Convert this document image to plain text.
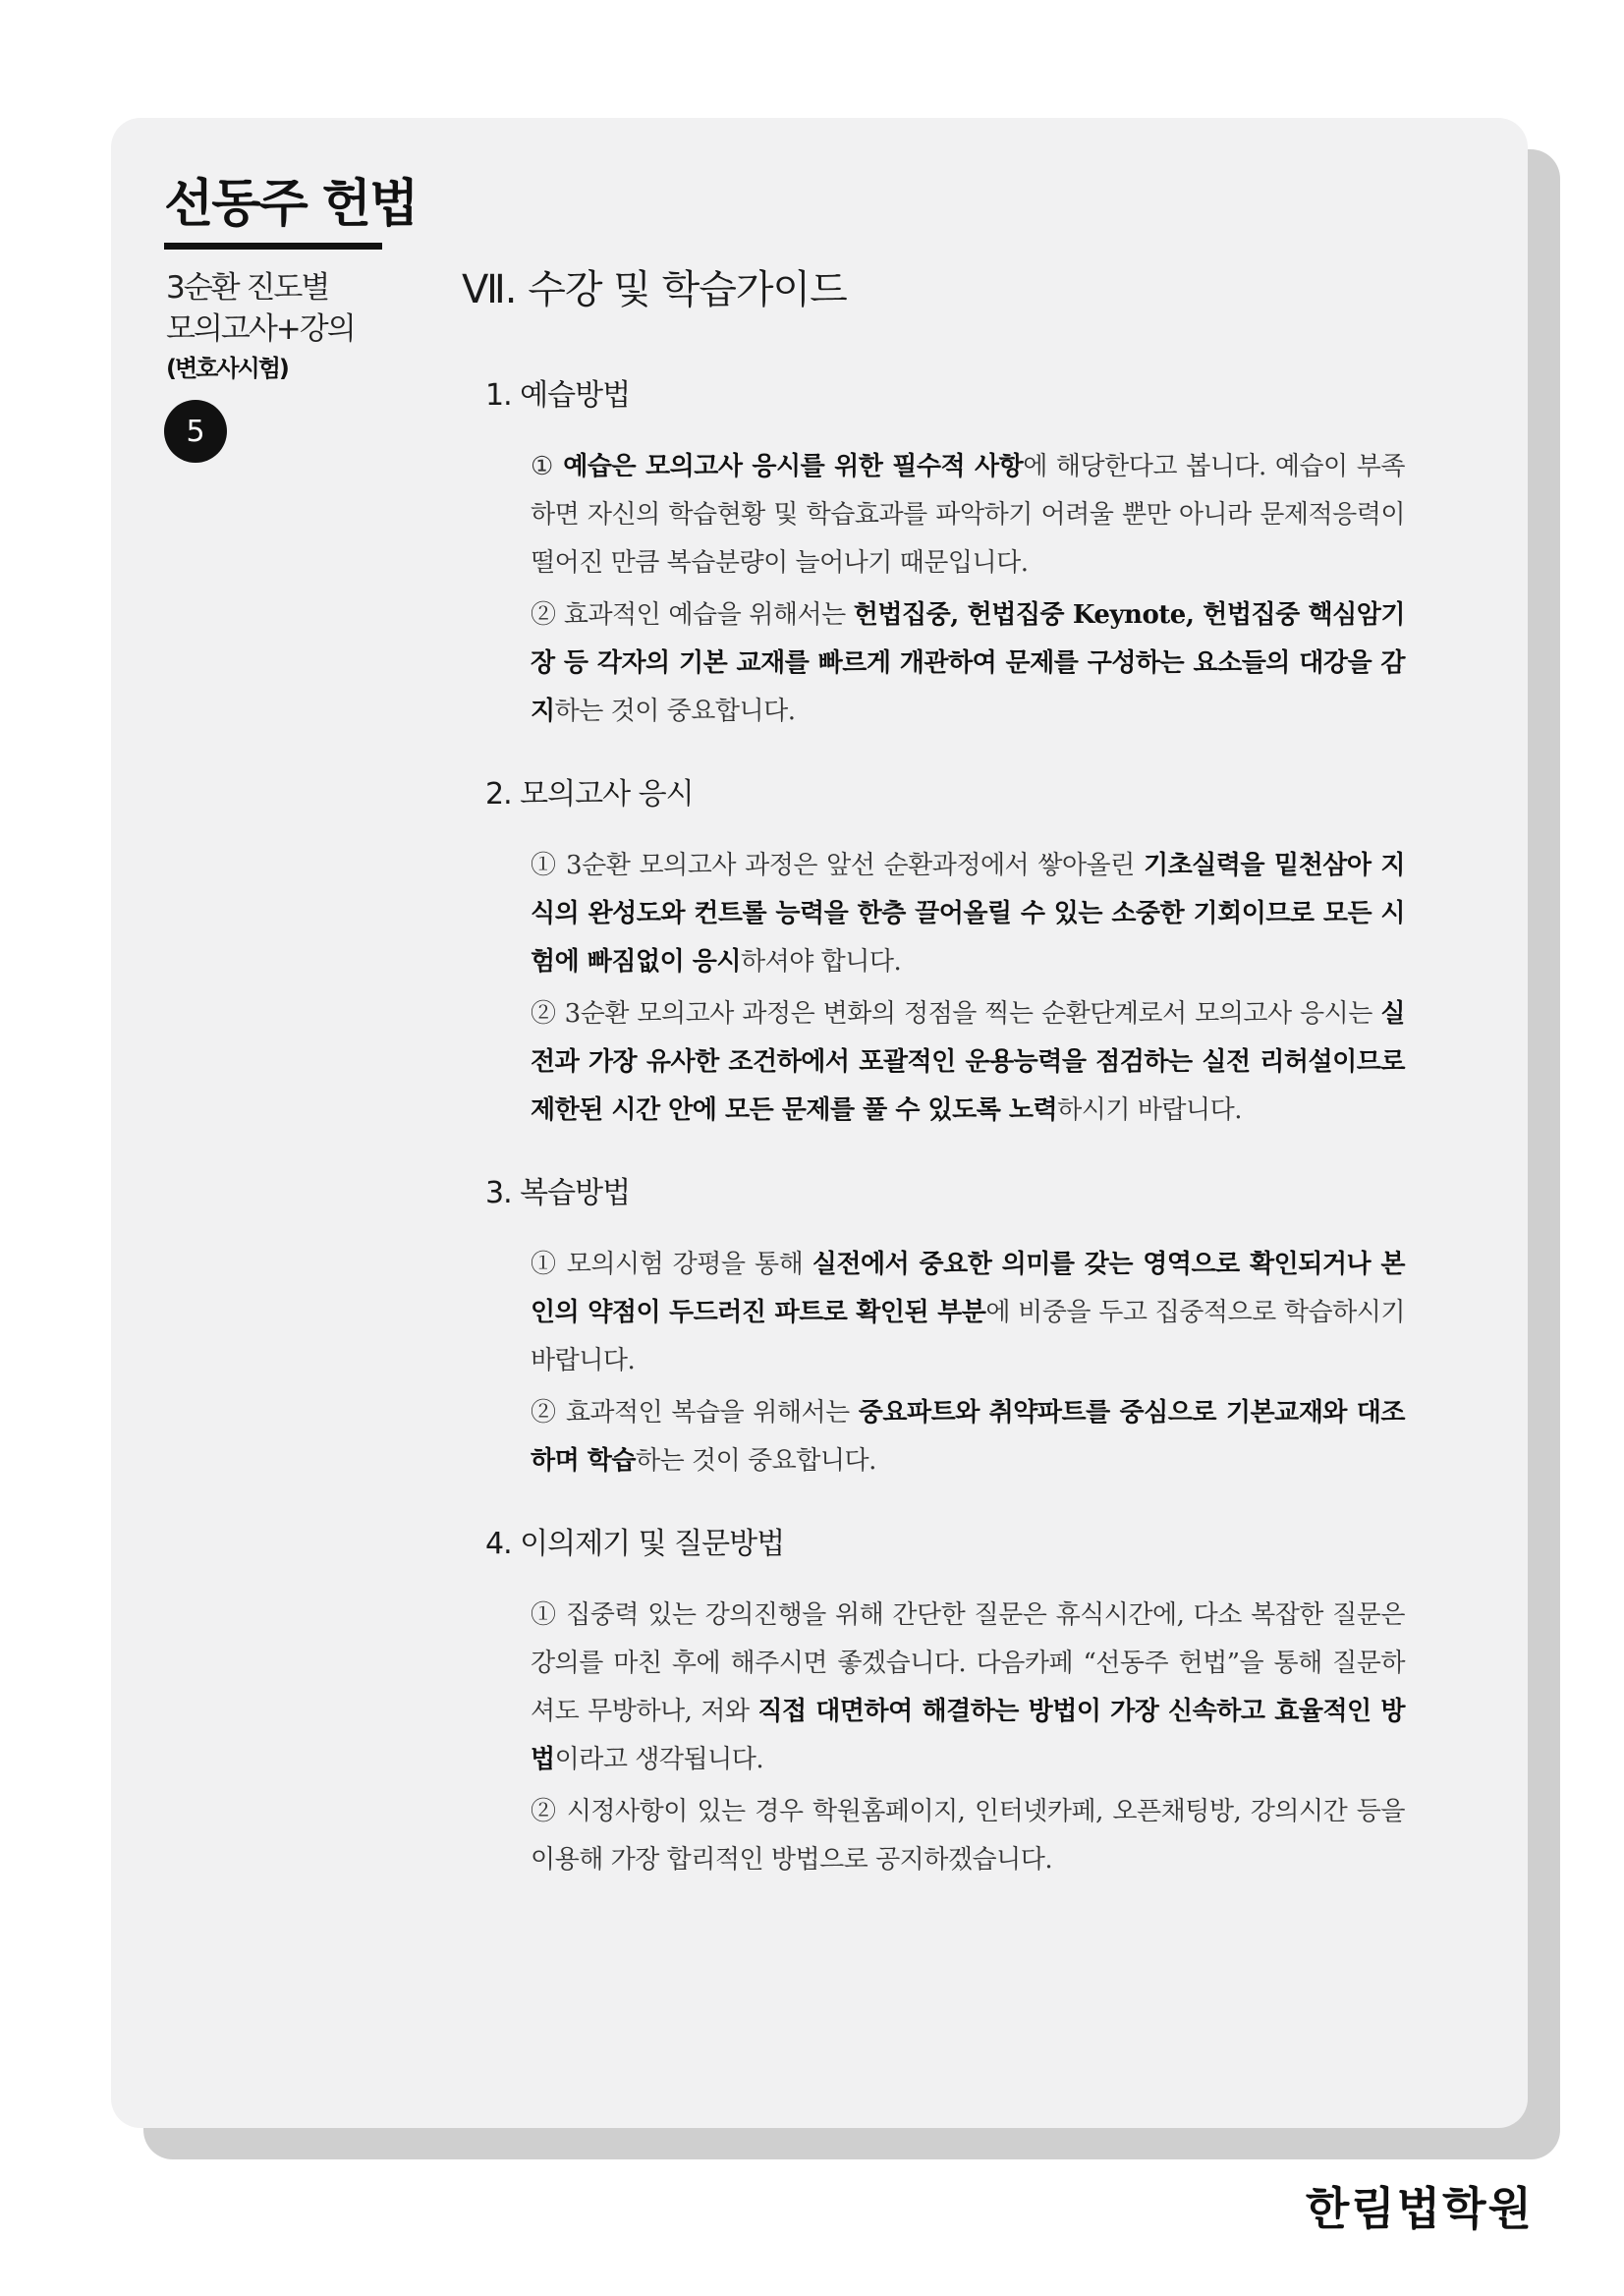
선동주 헌법
3순환 진도별
모의고사+강의
(변호사시험)
5
Ⅶ. 수강 및 학습가이드
1. 예습방법

① 예습은 모의고사 응시를 위한 필수적 사항에 해당한다고 봅니다. 예습이 부족하면 자신의 학습현황 및 학습효과를 파악하기 어려울 뿐만 아니라 문제적응력이 떨어진 만큼 복습분량이 늘어나기 때문입니다.

② 효과적인 예습을 위해서는 헌법집중, 헌법집중 Keynote, 헌법집중 핵심암기장 등 각자의 기본 교재를 빠르게 개관하여 문제를 구성하는 요소들의 대강을 감지하는 것이 중요합니다.

2. 모의고사 응시

① 3순환 모의고사 과정은 앞선 순환과정에서 쌓아올린 기초실력을 밑천삼아 지식의 완성도와 컨트롤 능력을 한층 끌어올릴 수 있는 소중한 기회이므로 모든 시험에 빠짐없이 응시하셔야 합니다.

② 3순환 모의고사 과정은 변화의 정점을 찍는 순환단계로서 모의고사 응시는 실전과 가장 유사한 조건하에서 포괄적인 운용능력을 점검하는 실전 리허설이므로 제한된 시간 안에 모든 문제를 풀 수 있도록 노력하시기 바랍니다.

3. 복습방법

① 모의시험 강평을 통해 실전에서 중요한 의미를 갖는 영역으로 확인되거나 본인의 약점이 두드러진 파트로 확인된 부분에 비중을 두고 집중적으로 학습하시기 바랍니다.

② 효과적인 복습을 위해서는 중요파트와 취약파트를 중심으로 기본교재와 대조하며 학습하는 것이 중요합니다.

4. 이의제기 및 질문방법

① 집중력 있는 강의진행을 위해 간단한 질문은 휴식시간에, 다소 복잡한 질문은 강의를 마친 후에 해주시면 좋겠습니다. 다음카페 “선동주 헌법”을 통해 질문하셔도 무방하나, 저와 직접 대면하여 해결하는 방법이 가장 신속하고 효율적인 방법이라고 생각됩니다.

② 시정사항이 있는 경우 학원홈페이지, 인터넷카페, 오픈채팅방, 강의시간 등을 이용해 가장 합리적인 방법으로 공지하겠습니다.

한림법학원
